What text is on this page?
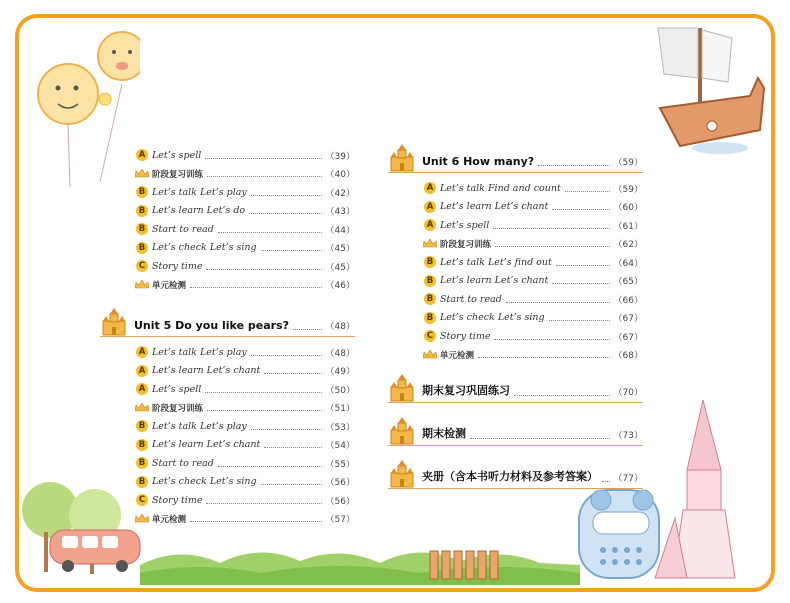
A Let’s spell	（39）
阶段复习训练	（40）
B Let’s talk Let’s play	（42）
B Let’s learn Let’s do	（43）
B Start to read	（44）
B Let’s check Let’s sing	（45）
C Story time	（45）
单元检测	（46）
Unit 5 Do you like pears?	（48）
A Let’s talk Let’s play	（48）
A Let’s learn Let’s chant	（49）
A Let’s spell	（50）
阶段复习训练	（51）
B Let’s talk Let’s play	（53）
B Let’s learn Let’s chant	（54）
B Start to read	（55）
B Let’s check Let’s sing	（56）
C Story time	（56）
单元检测	（57）
Unit 6 How many?	（59）
A Let’s talk Find and count	（59）
A Let’s learn Let’s chant	（60）
A Let’s spell	（61）
阶段复习训练	（62）
B Let’s talk Let’s find out	（64）
B Let’s learn Let’s chant	（65）
B Start to read	（66）
B Let’s check Let’s sing	（67）
C Story time	（67）
单元检测	（68）
期末复习巩固练习	（70）
期末检测	（73）
夹册（含本书听力材料及参考答案） （77）
